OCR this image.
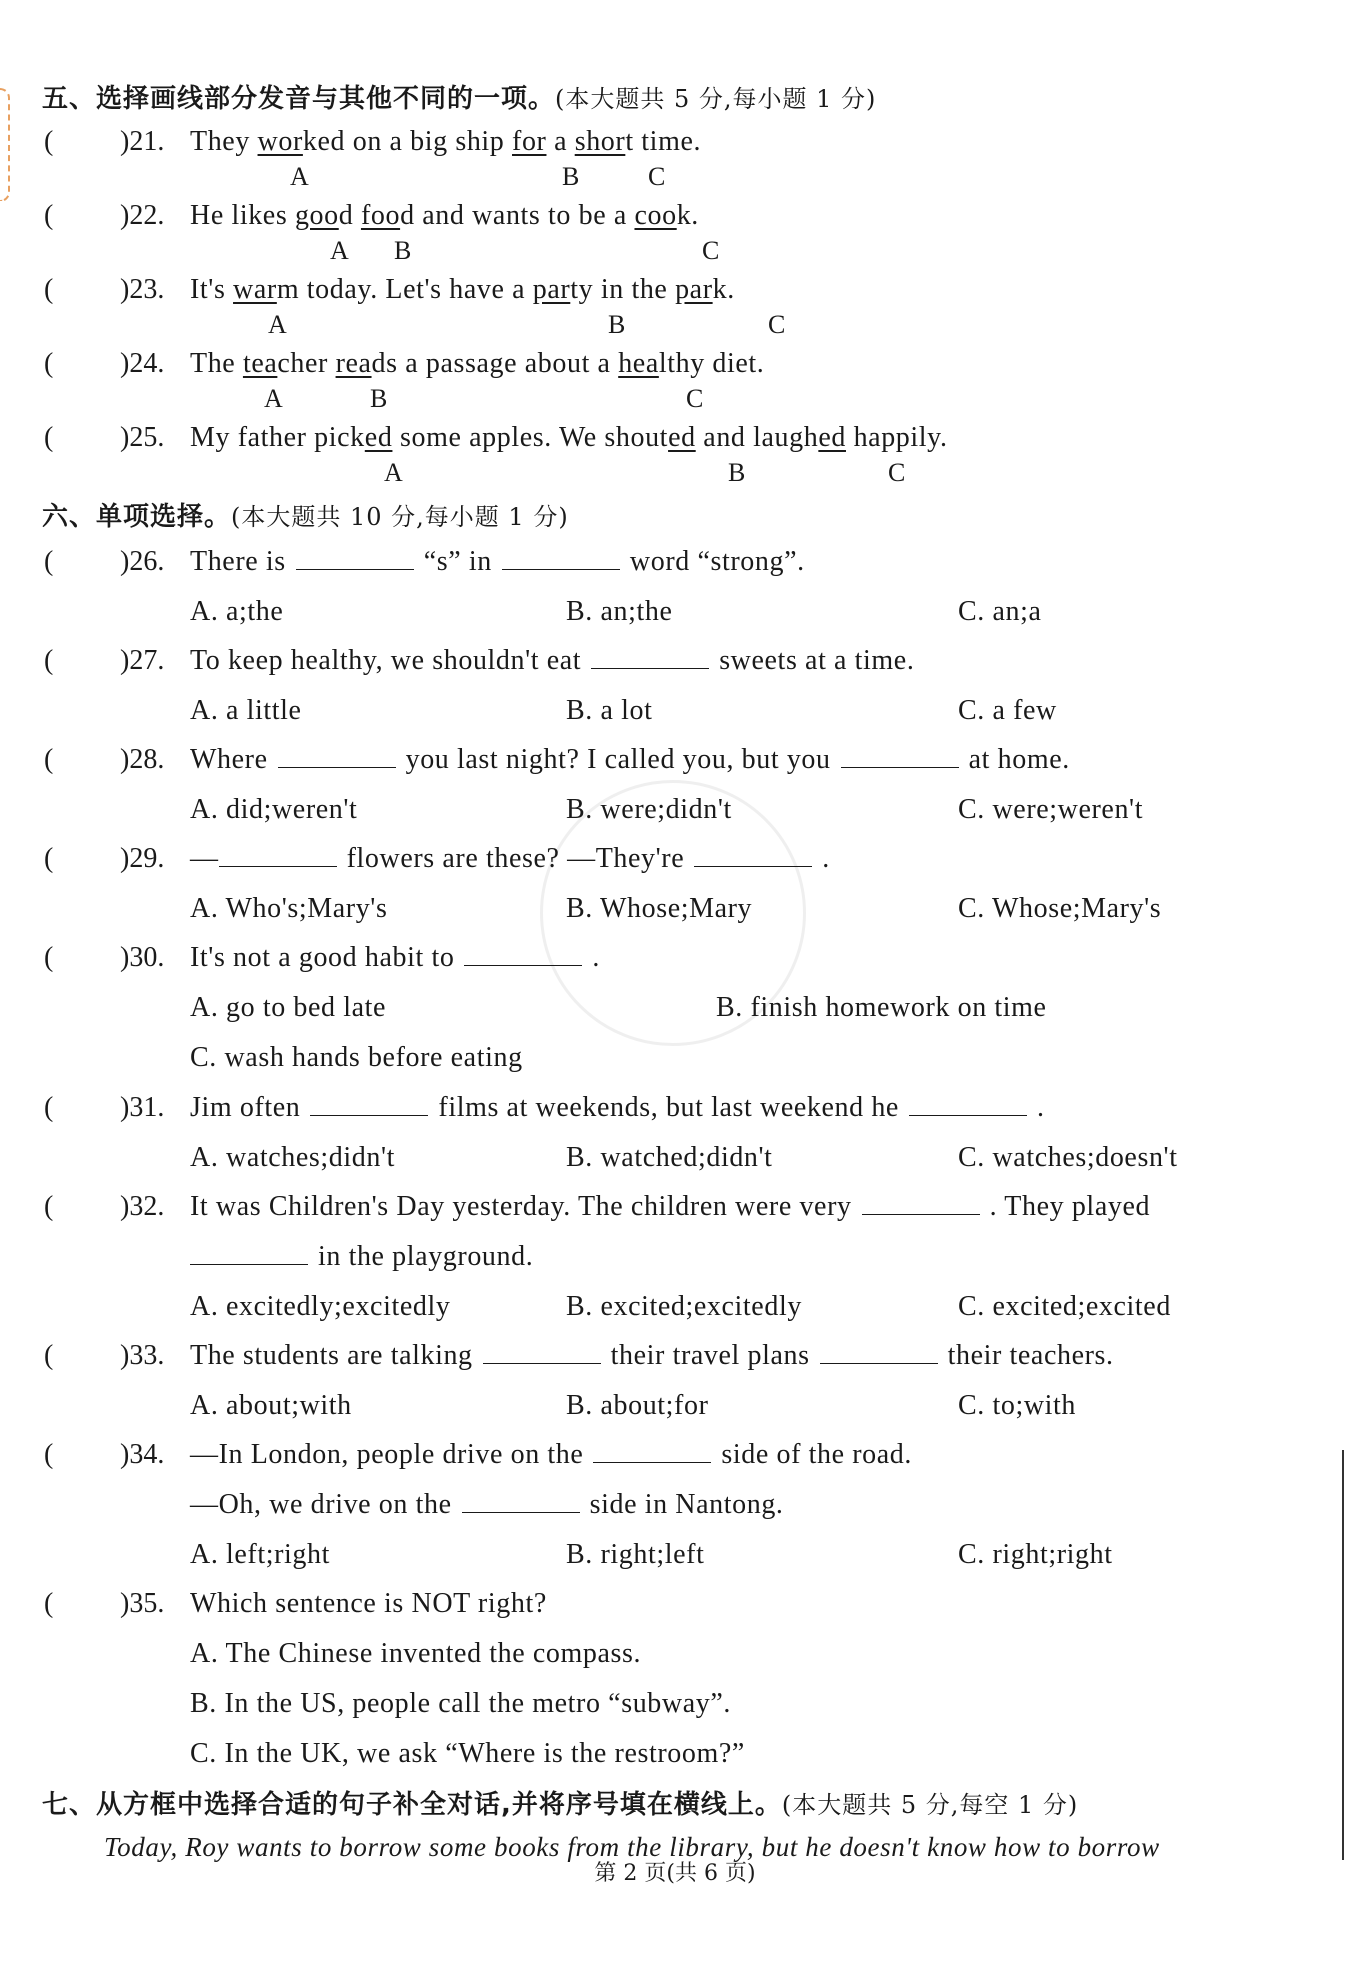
五、选择画线部分发音与其他不同的一项。(本大题共 5 分,每小题 1 分)
( )21. They worked on a big ship for a short time.
A	B	C
( )22. He likes good food and wants to be a cook.
A B	C
( )23. It's warm today. Let's have a party in the park.
A	B	C
( )24. The teacher reads a passage about a healthy diet.
A	B	C
( )25. My father picked some apples. We shouted and laughed happily.
A	B	C
六、单项选择。(本大题共 10 分,每小题 1 分)
( )26. There is	“s” in	word “strong”.
A. a;the	B. an;the	C. an;a
( )27. To keep healthy, we shouldn't eat	sweets at a time.
A. a little	B. a lot	C. a few
( )28. Where	you last night? I called you, but you	at home.
A. did;weren't	B. were;didn't	C. were;weren't
( )29. —	flowers are these? —They're	.
A. Who's;Mary's	B. Whose;Mary	C. Whose;Mary's
( )30. It's not a good habit to	.
A. go to bed late	B. finish homework on time
C. wash hands before eating
( )31. Jim often	films at weekends, but last weekend he	.
A. watches;didn't	B. watched;didn't	C. watches;doesn't
( )32. It was Children's Day yesterday. The children were very	. They played
in the playground.
A. excitedly;excitedly	B. excited;excitedly	C. excited;excited
( )33. The students are talking	their travel plans	their teachers.
A. about;with	B. about;for	C. to;with
( )34. —In London, people drive on the	side of the road.
—Oh, we drive on the	side in Nantong.
A. left;right	B. right;left	C. right;right
( )35. Which sentence is NOT right?
A. The Chinese invented the compass.
B. In the US, people call the metro “subway”.
C. In the UK, we ask “Where is the restroom?”
七、从方框中选择合适的句子补全对话,并将序号填在横线上。(本大题共 5 分,每空 1 分)
Today, Roy wants to borrow some books from the library, but he doesn't know how to borrow
第 2 页(共 6 页)
